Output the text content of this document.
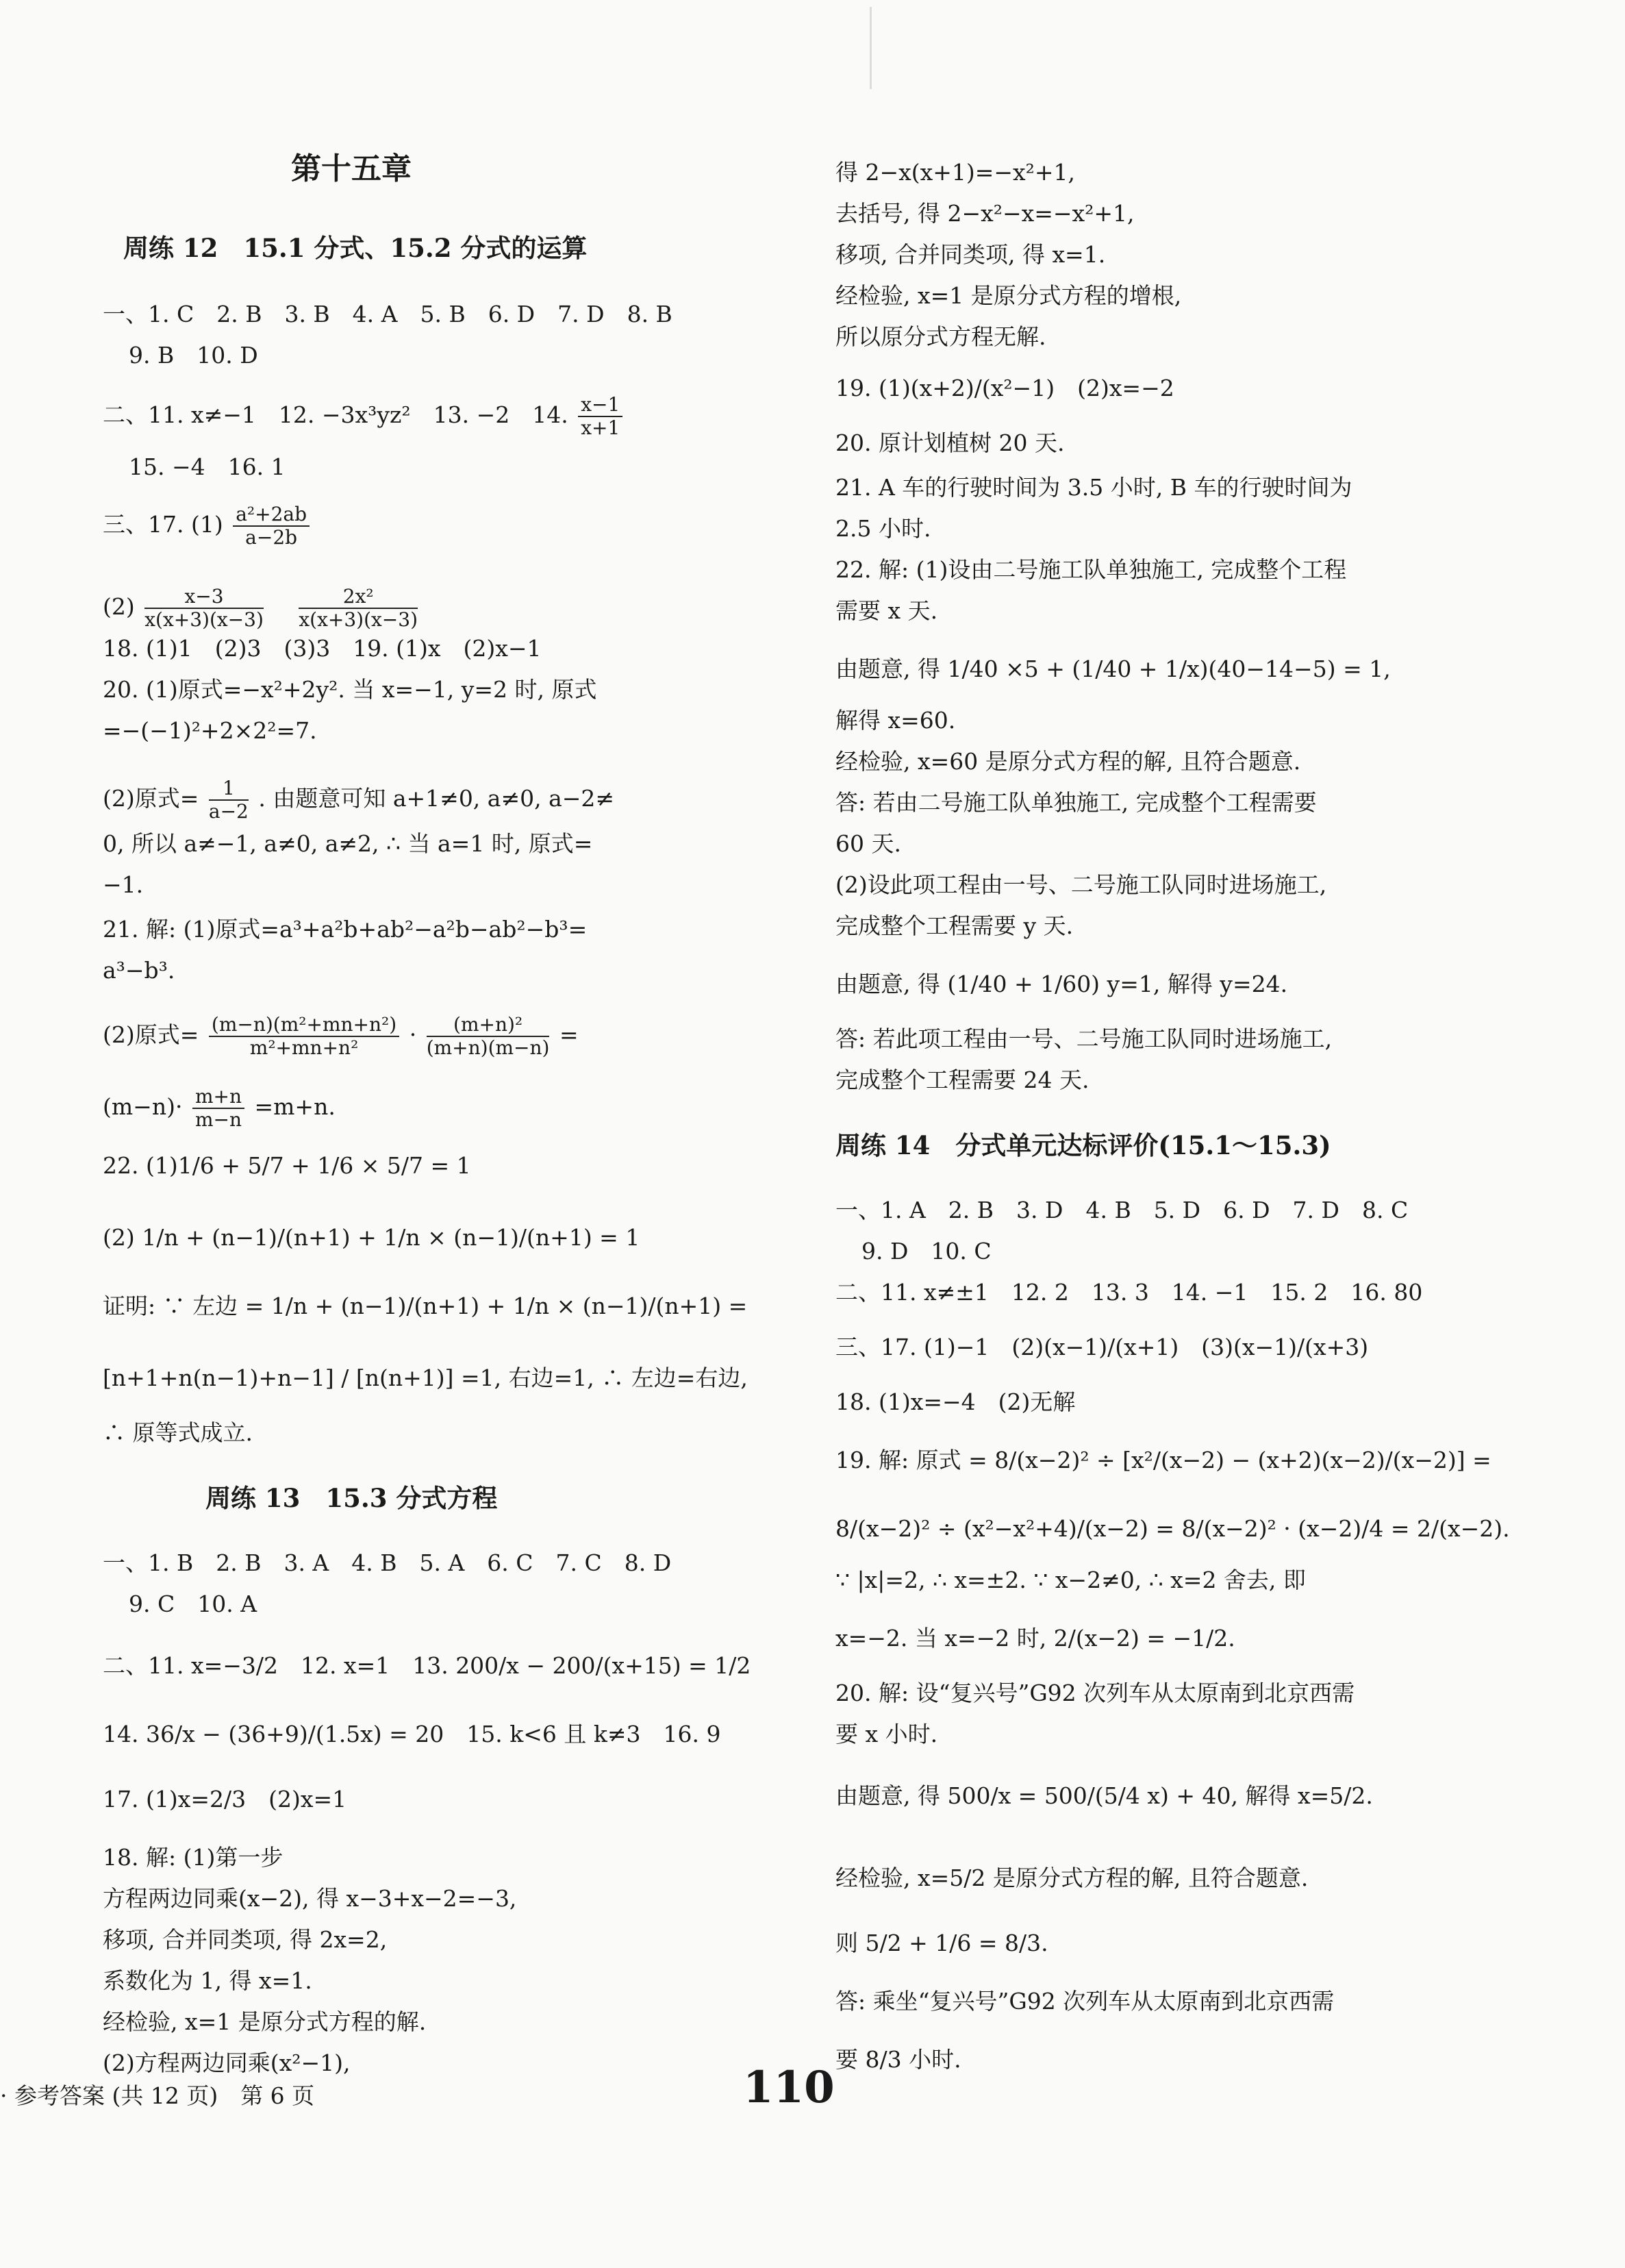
第十五章
周练 12　15.1 分式、15.2 分式的运算
一、1. C　2. B　3. B　4. A　5. B　6. D　7. D　8. B
9. B　10. D
二、11. x≠−1　12. −3x³yz²　13. −2　14. $\frac{x-1}{x+1}$
15. −4　16. 1
三、17. $(1) \frac{\text{a²+2ab}}{a-2b}$
$(2) \frac{x-3}{x(x+3)(x-3)}$
　 $\frac{\text{2x²}}{x(x+3)(x-3)}$
18. (1)1　(2)3　(3)3　19. (1)x　(2)x−1
20. (1)原式=−x²+2y². 当 x=−1, y=2 时, 原式
=−(−1)²+2×2²=7.
(2)原式= $\frac{1}{a-2}$ . 由题意可知 a+1≠0, a≠0, a−2≠
0, 所以 a≠−1, a≠0, a≠2, ∴ 当 a=1 时, 原式=
−1.
21. 解: (1)原式=a³+a²b+ab²−a²b−ab²−b³=
a³−b³.
(2)原式= $\frac{\text{(m−n)(m²+mn+n²)}}{\text{m²+mn+n²}} \cdot \frac{\text{(m+n)²}}{(m+n)(m-n)}$ =
$(m-n)\cdot \frac{m+n}{m-n} =m+n$.
22. (1)1/6 + 5/7 + 1/6 × 5/7 = 1
(2) 1/n + (n−1)/(n+1) + 1/n × (n−1)/(n+1) = 1
证明: ∵ 左边 = 1/n + (n−1)/(n+1) + 1/n × (n−1)/(n+1) =
[n+1+n(n−1)+n−1] / [n(n+1)] =1, 右边=1, ∴ 左边=右边,
∴ 原等式成立.
周练 13　15.3 分式方程
一、1. B　2. B　3. A　4. B　5. A　6. C　7. C　8. D
9. C　10. A
二、11. x=−3/2　12. x=1　13. 200/x − 200/(x+15) = 1/2
14. 36/x − (36+9)/(1.5x) = 20　15. k<6 且 k≠3　16. 9
17. (1)x=2/3　(2)x=1
18. 解: (1)第一步
方程两边同乘(x−2), 得 x−3+x−2=−3,
移项, 合并同类项, 得 2x=2,
系数化为 1, 得 x=1.
经检验, x=1 是原分式方程的解.
(2)方程两边同乘(x²−1),
得 2−x(x+1)=−x²+1,
去括号, 得 2−x²−x=−x²+1,
移项, 合并同类项, 得 x=1.
经检验, x=1 是原分式方程的增根,
所以原分式方程无解.
19. (1)(x+2)/(x²−1)　(2)x=−2
20. 原计划植树 20 天.
21. A 车的行驶时间为 3.5 小时, B 车的行驶时间为
2.5 小时.
22. 解: (1)设由二号施工队单独施工, 完成整个工程
需要 x 天.
由题意, 得 1/40 ×5 + (1/40 + 1/x)(40−14−5) = 1,
解得 x=60.
经检验, x=60 是原分式方程的解, 且符合题意.
答: 若由二号施工队单独施工, 完成整个工程需要
60 天.
(2)设此项工程由一号、二号施工队同时进场施工,
完成整个工程需要 y 天.
由题意, 得 (1/40 + 1/60) y=1, 解得 y=24.
答: 若此项工程由一号、二号施工队同时进场施工,
完成整个工程需要 24 天.
周练 14　分式单元达标评价(15.1～15.3)
一、1. A　2. B　3. D　4. B　5. D　6. D　7. D　8. C
9. D　10. C
二、11. x≠±1　12. 2　13. 3　14. −1　15. 2　16. 80
三、17. (1)−1　(2)(x−1)/(x+1)　(3)(x−1)/(x+3)
18. (1)x=−4　(2)无解
19. 解: 原式 = 8/(x−2)² ÷ [x²/(x−2) − (x+2)(x−2)/(x−2)] =
8/(x−2)² ÷ (x²−x²+4)/(x−2) = 8/(x−2)² · (x−2)/4 = 2/(x−2).
∵ |x|=2, ∴ x=±2. ∵ x−2≠0, ∴ x=2 舍去, 即
x=−2. 当 x=−2 时, 2/(x−2) = −1/2.
20. 解: 设“复兴号”G92 次列车从太原南到北京西需
要 x 小时.
由题意, 得 500/x = 500/(5/4 x) + 40, 解得 x=5/2.
经检验, x=5/2 是原分式方程的解, 且符合题意.
则 5/2 + 1/6 = 8/3.
答: 乘坐“复兴号”G92 次列车从太原南到北京西需
要 8/3 小时.
· 参考答案 (共 12 页)　第 6 页	110
